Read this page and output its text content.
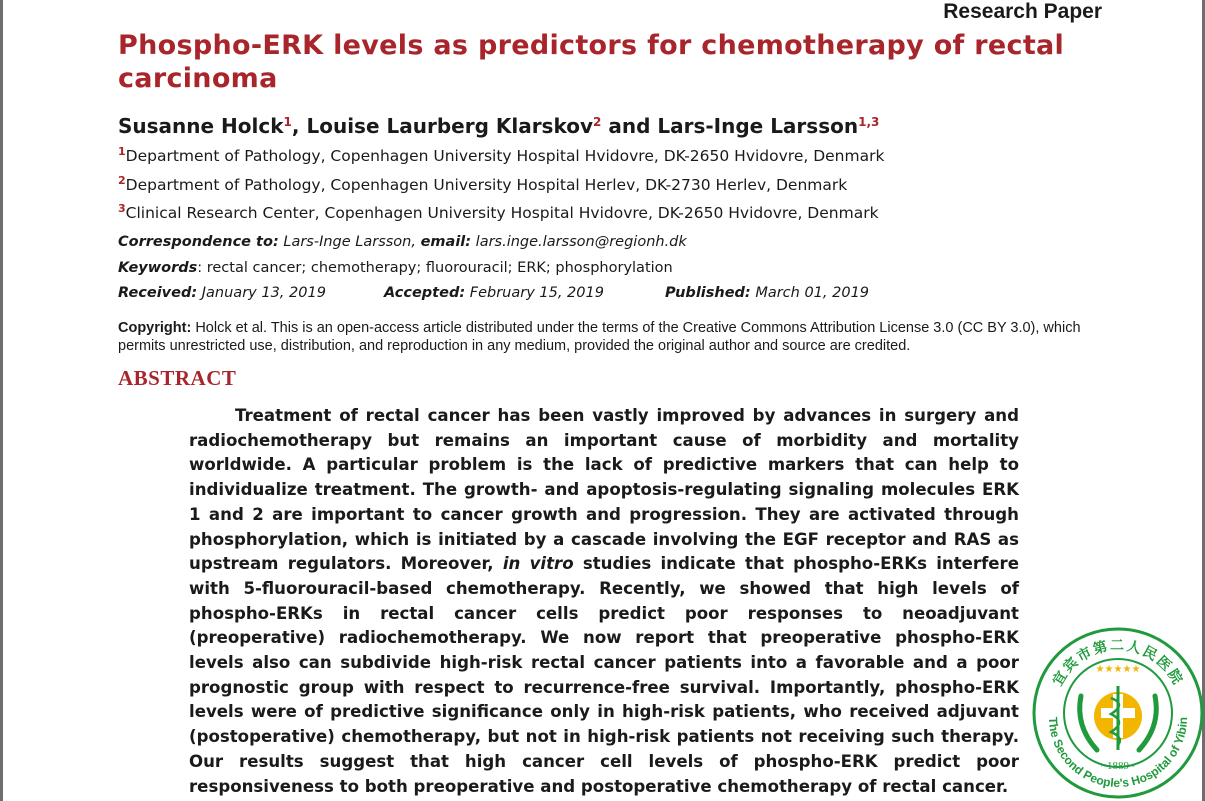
Research Paper
Phospho-ERK levels as predictors for chemotherapy of rectal carcinoma
Susanne Holck$^1$, Louise Laurberg Klarskov$^2$ and Lars-Inge Larsson$^{1,3}$
$^1$Department of Pathology, Copenhagen University Hospital Hvidovre, DK-2650 Hvidovre, Denmark
$^2$Department of Pathology, Copenhagen University Hospital Herlev, DK-2730 Herlev, Denmark
$^3$Clinical Research Center, Copenhagen University Hospital Hvidovre, DK-2650 Hvidovre, Denmark
Correspondence to: Lars-Inge Larsson, email: lars.inge.larsson@regionh.dk
Keywords: rectal cancer; chemotherapy; fluorouracil; ERK; phosphorylation
Received: January 13, 2019	Accepted: February 15, 2019	Published: March 01, 2019
Copyright: Holck et al. This is an open-access article distributed under the terms of the Creative Commons Attribution License 3.0 (CC BY 3.0), which permits unrestricted use, distribution, and reproduction in any medium, provided the original author and source are credited.
ABSTRACT

Treatment of rectal cancer has been vastly improved by advances in surgery and radiochemotherapy but remains an important cause of morbidity and mortality worldwide. A particular problem is the lack of predictive markers that can help to individualize treatment. The growth- and apoptosis-regulating signaling molecules ERK 1 and 2 are important to cancer growth and progression. They are activated through phosphorylation, which is initiated by a cascade involving the EGF receptor and RAS as upstream regulators. Moreover, in vitro studies indicate that phospho-ERKs interfere with 5-fluorouracil-based chemotherapy. Recently, we showed that high levels of phospho-ERKs in rectal cancer cells predict poor responses to neoadjuvant (preoperative) radiochemotherapy. We now report that preoperative phospho-ERK levels also can subdivide high-risk rectal cancer patients into a favorable and a poor prognostic group with respect to recurrence-free survival. Importantly, phospho-ERK levels were of predictive significance only in high-risk patients, who received adjuvant (postoperative) chemotherapy, but not in high-risk patients not receiving such therapy. Our results suggest that high cancer cell levels of phospho-ERK predict poor responsiveness to both preoperative and postoperative chemotherapy of rectal cancer.

宜宾市第二人民医院
The Second People's Hospital of Yibin
★★★★★
~1889~
